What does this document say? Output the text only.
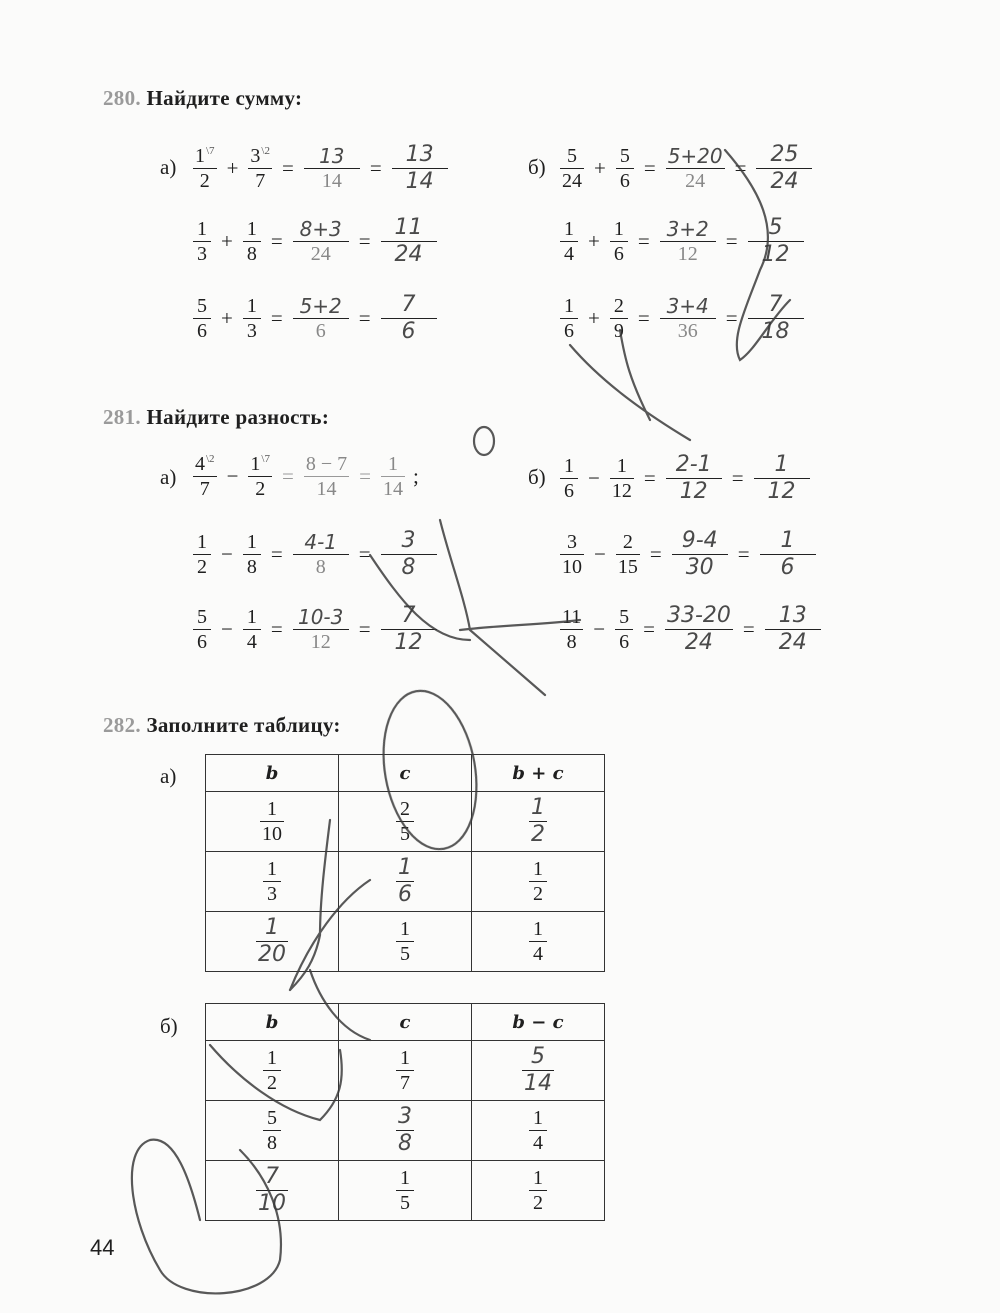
280. Найдите сумму:
а)	б)
$\frac{1^{\backslash 7}}{2} + \frac{3^{\backslash 2}}{7} = \frac{13}{14} = \frac{13}{14}$
$\frac{1}{3} + \frac{1}{8} = \frac{8+3}{24} = \frac{11}{24}$
$\frac{5}{6} + \frac{1}{3} = \frac{5+2}{6} = \frac{7}{6}$
$\frac{5}{24} + \frac{5}{6} = \frac{5+20}{24} = \frac{25}{24}$
$\frac{1}{4} + \frac{1}{6} = \frac{3+2}{12} = \frac{5}{12}$
$\frac{1}{6} + \frac{2}{9} = \frac{3+4}{36} = \frac{7}{18}$
281. Найдите разность:
а)	б)
$\frac{4^{\backslash 2}}{7} - \frac{1^{\backslash 7}}{2} = \frac{8 - 7}{14} = \frac{1}{14}$ ;
$\frac{1}{2} - \frac{1}{8} = \frac{4-1}{8} = \frac{3}{8}$
$\frac{5}{6} - \frac{1}{4} = \frac{10-3}{12} = \frac{7}{12}$
$\frac{1}{6} - \frac{1}{12} = \frac{2-1}{12} = \frac{1}{12}$
$\frac{3}{10} - \frac{2}{15} = \frac{9-4}{30} = \frac{1}{6}$
$\frac{11}{8} - \frac{5}{6} = \frac{33-20}{24} = \frac{13}{24}$
282. Заполните таблицу:
а)
б)
b	c	b + c

$\frac{1}{10}$	$\frac{2}{5}$	$\frac{1}{2}$

$\frac{1}{3}$	$\frac{1}{6}$	$\frac{1}{2}$

$\frac{1}{20}$	$\frac{1}{5}$	$\frac{1}{4}$
b	c	b − c

$\frac{1}{2}$	$\frac{1}{7}$	$\frac{5}{14}$

$\frac{5}{8}$	$\frac{3}{8}$	$\frac{1}{4}$

$\frac{7}{10}$	$\frac{1}{5}$	$\frac{1}{2}$
44
